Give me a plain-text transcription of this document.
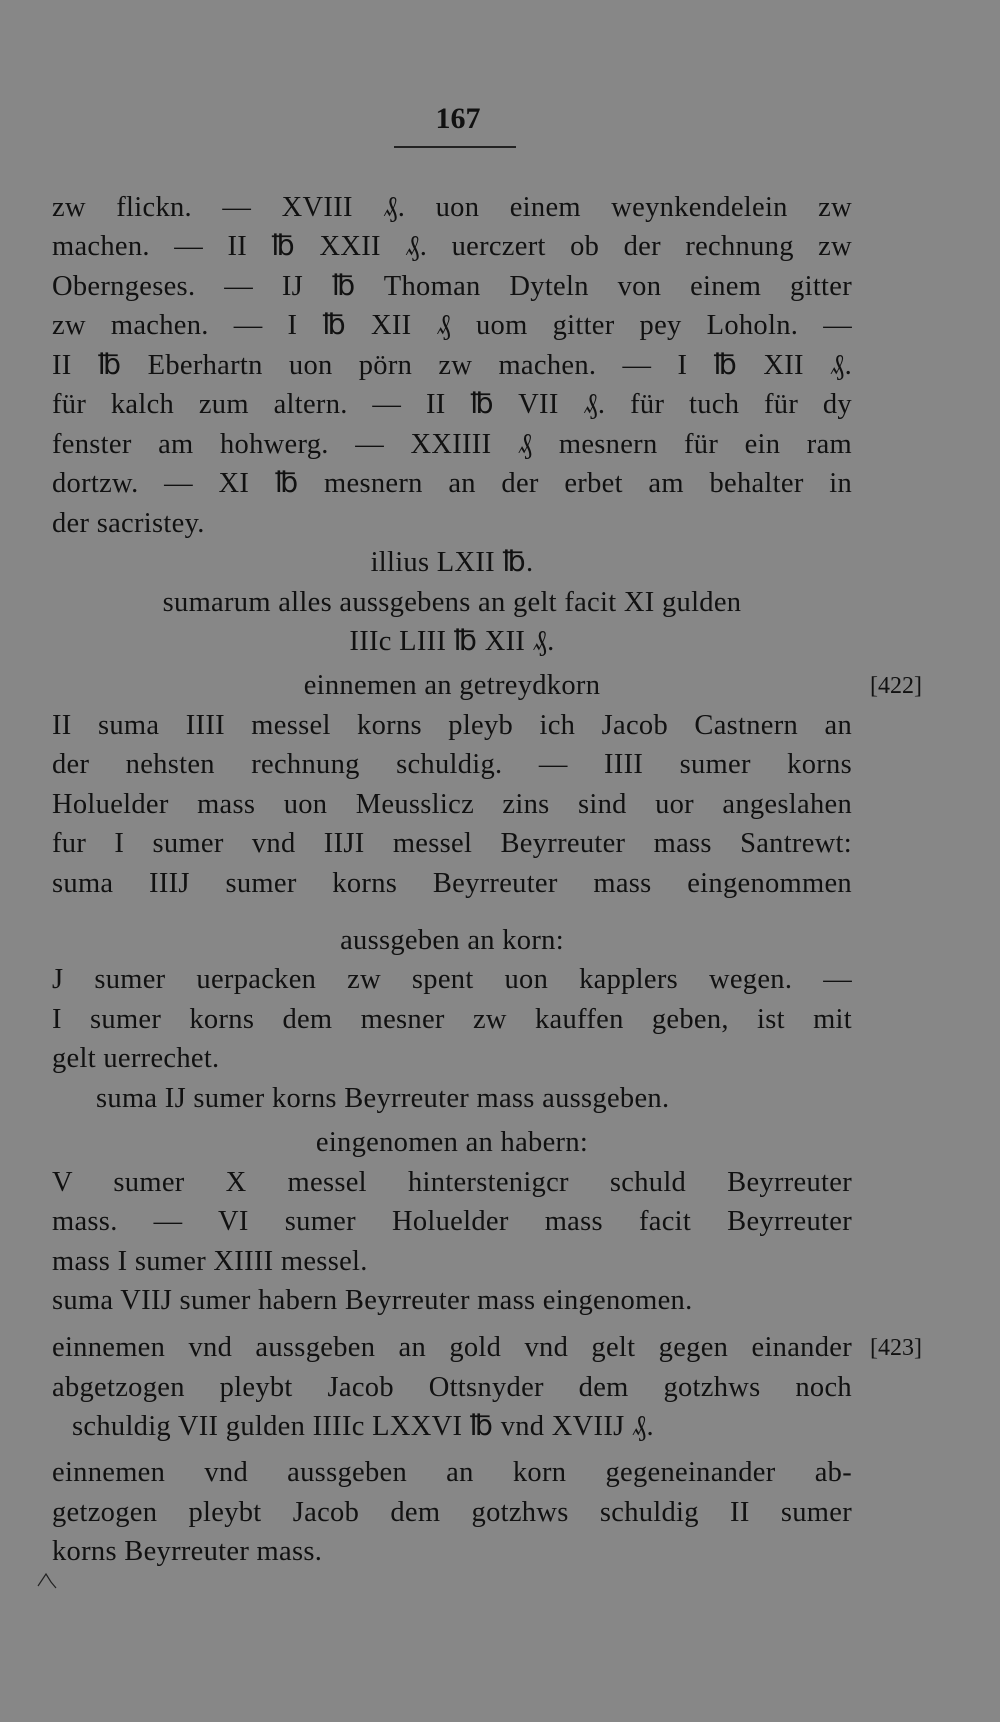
167
zw flickn. — XVIII ₰. uon einem weynkendelein zw
machen. — II ℔ XXII ₰. uerczert ob der rechnung zw
Oberngeses. — IJ ℔ Thoman Dyteln von einem gitter
zw machen. — I ℔ XII ₰ uom gitter pey Loholn. —
II ℔ Eberhartn uon pörn zw machen. — I ℔ XII ₰.
für kalch zum altern. — II ℔ VII ₰. für tuch für dy
fenster am hohwerg. — XXIIII ₰ mesnern für ein ram
dortzw. — XI ℔ mesnern an der erbet am behalter in
der sacristey.
illius LXII ℔.
sumarum alles aussgebens an gelt facit XI gulden
IIIc LIII ℔ XII ₰.
einnemen an getreydkorn
II suma IIII messel korns pleyb ich Jacob Castnern an
der nehsten rechnung schuldig. — IIII sumer korns
Holuelder mass uon Meusslicz zins sind uor angeslahen
fur I sumer vnd IIJI messel Beyrreuter mass Santrewt:
suma IIIJ sumer korns Beyrreuter mass eingenommen
aussgeben an korn:
J sumer uerpacken zw spent uon kapplers wegen. —
I sumer korns dem mesner zw kauffen geben, ist mit
gelt uerrechet.
suma IJ sumer korns Beyrreuter mass aussgeben.
eingenomen an habern:
V sumer X messel hinterstenigcr schuld Beyrreuter
mass. — VI sumer Holuelder mass facit Beyrreuter
mass I sumer XIIII messel.
suma VIIJ sumer habern Beyrreuter mass eingenomen.
einnemen vnd aussgeben an gold vnd gelt gegen einander
abgetzogen pleybt Jacob Ottsnyder dem gotzhws noch
schuldig VII gulden IIIIc LXXVI ℔ vnd XVIIJ ₰.
einnemen vnd aussgeben an korn gegeneinander ab-
getzogen pleybt Jacob dem gotzhws schuldig II sumer
korns Beyrreuter mass.
[422]
[423]
